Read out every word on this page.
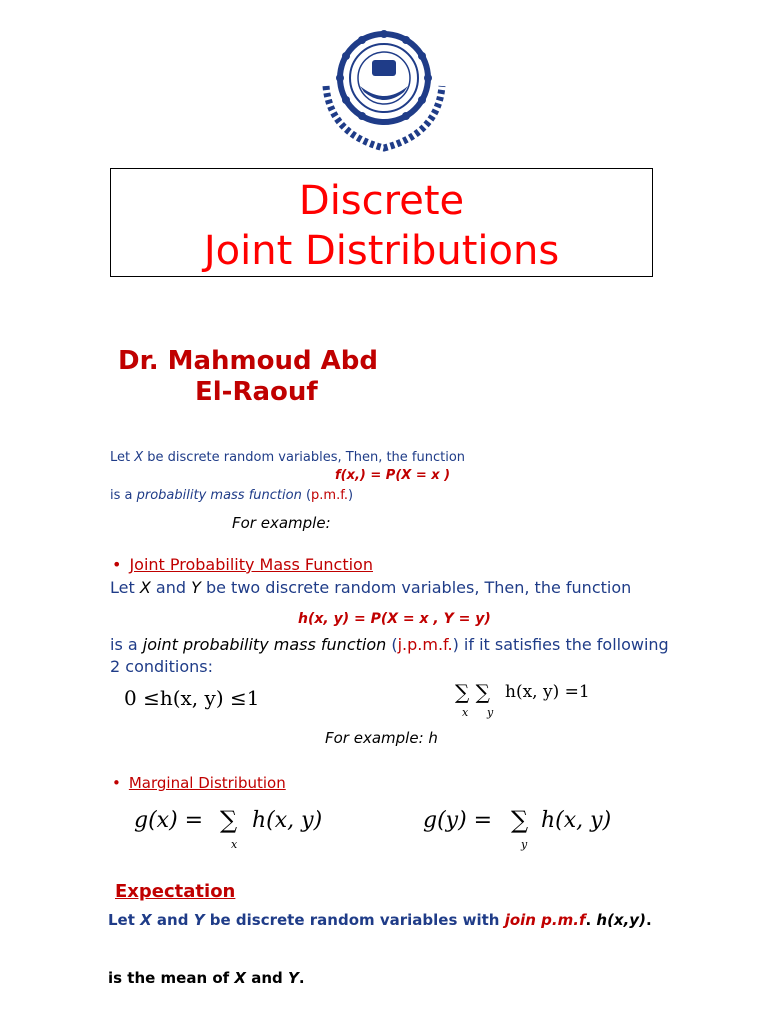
Discrete
Joint Distributions
Dr. Mahmoud Abd
El-Raouf
Let X be discrete random variables, Then, the function
f(x,) = P(X = x )
is a probability mass function (p.m.f.)
For example:
• Joint Probability Mass Function
Let X and Y be two discrete random variables, Then, the function
h(x, y) = P(X = x , Y = y)
is a joint probability mass function (j.p.m.f.) if it satisfies the following 2 conditions:
0 ≤h(x, y) ≤1	∑ ∑ h(x, y) =1
x y
For example: h
• Marginal Distribution
g(x) = ∑ h(x, y)
x
g(y) = ∑ h(x, y)
y
Expectation
Let X and Y be discrete random variables with join p.m.f. h(x,y).
is the mean of X and Y.
